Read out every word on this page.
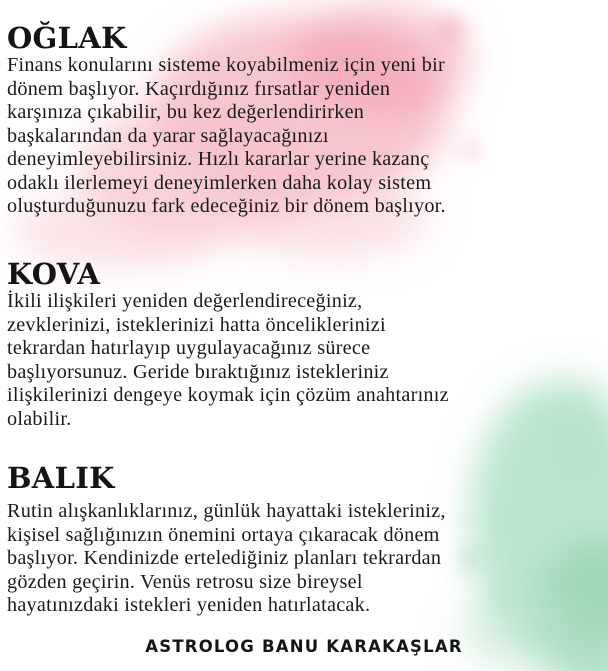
OĞLAK

Finans konularını sisteme koyabilmeniz için yeni bir
dönem başlıyor. Kaçırdığınız fırsatlar yeniden
karşınıza çıkabilir, bu kez değerlendirirken
başkalarından da yarar sağlayacağınızı
deneyimleyebilirsiniz. Hızlı kararlar yerine kazanç
odaklı ilerlemeyi deneyimlerken daha kolay sistem
oluşturduğunuzu fark edeceğiniz bir dönem başlıyor.

KOVA

İkili ilişkileri yeniden değerlendireceğiniz,
zevklerinizi, isteklerinizi hatta önceliklerinizi
tekrardan hatırlayıp uygulayacağınız sürece
başlıyorsunuz. Geride bıraktığınız istekleriniz
ilişkilerinizi dengeye koymak için çözüm anahtarınız
olabilir.

BALIK

Rutin alışkanlıklarınız, günlük hayattaki istekleriniz,
kişisel sağlığınızın önemini ortaya çıkaracak dönem
başlıyor. Kendinizde ertelediğiniz planları tekrardan
gözden geçirin. Venüs retrosu size bireysel
hayatınızdaki istekleri yeniden hatırlatacak.

ASTROLOG BANU KARAKAŞLAR
